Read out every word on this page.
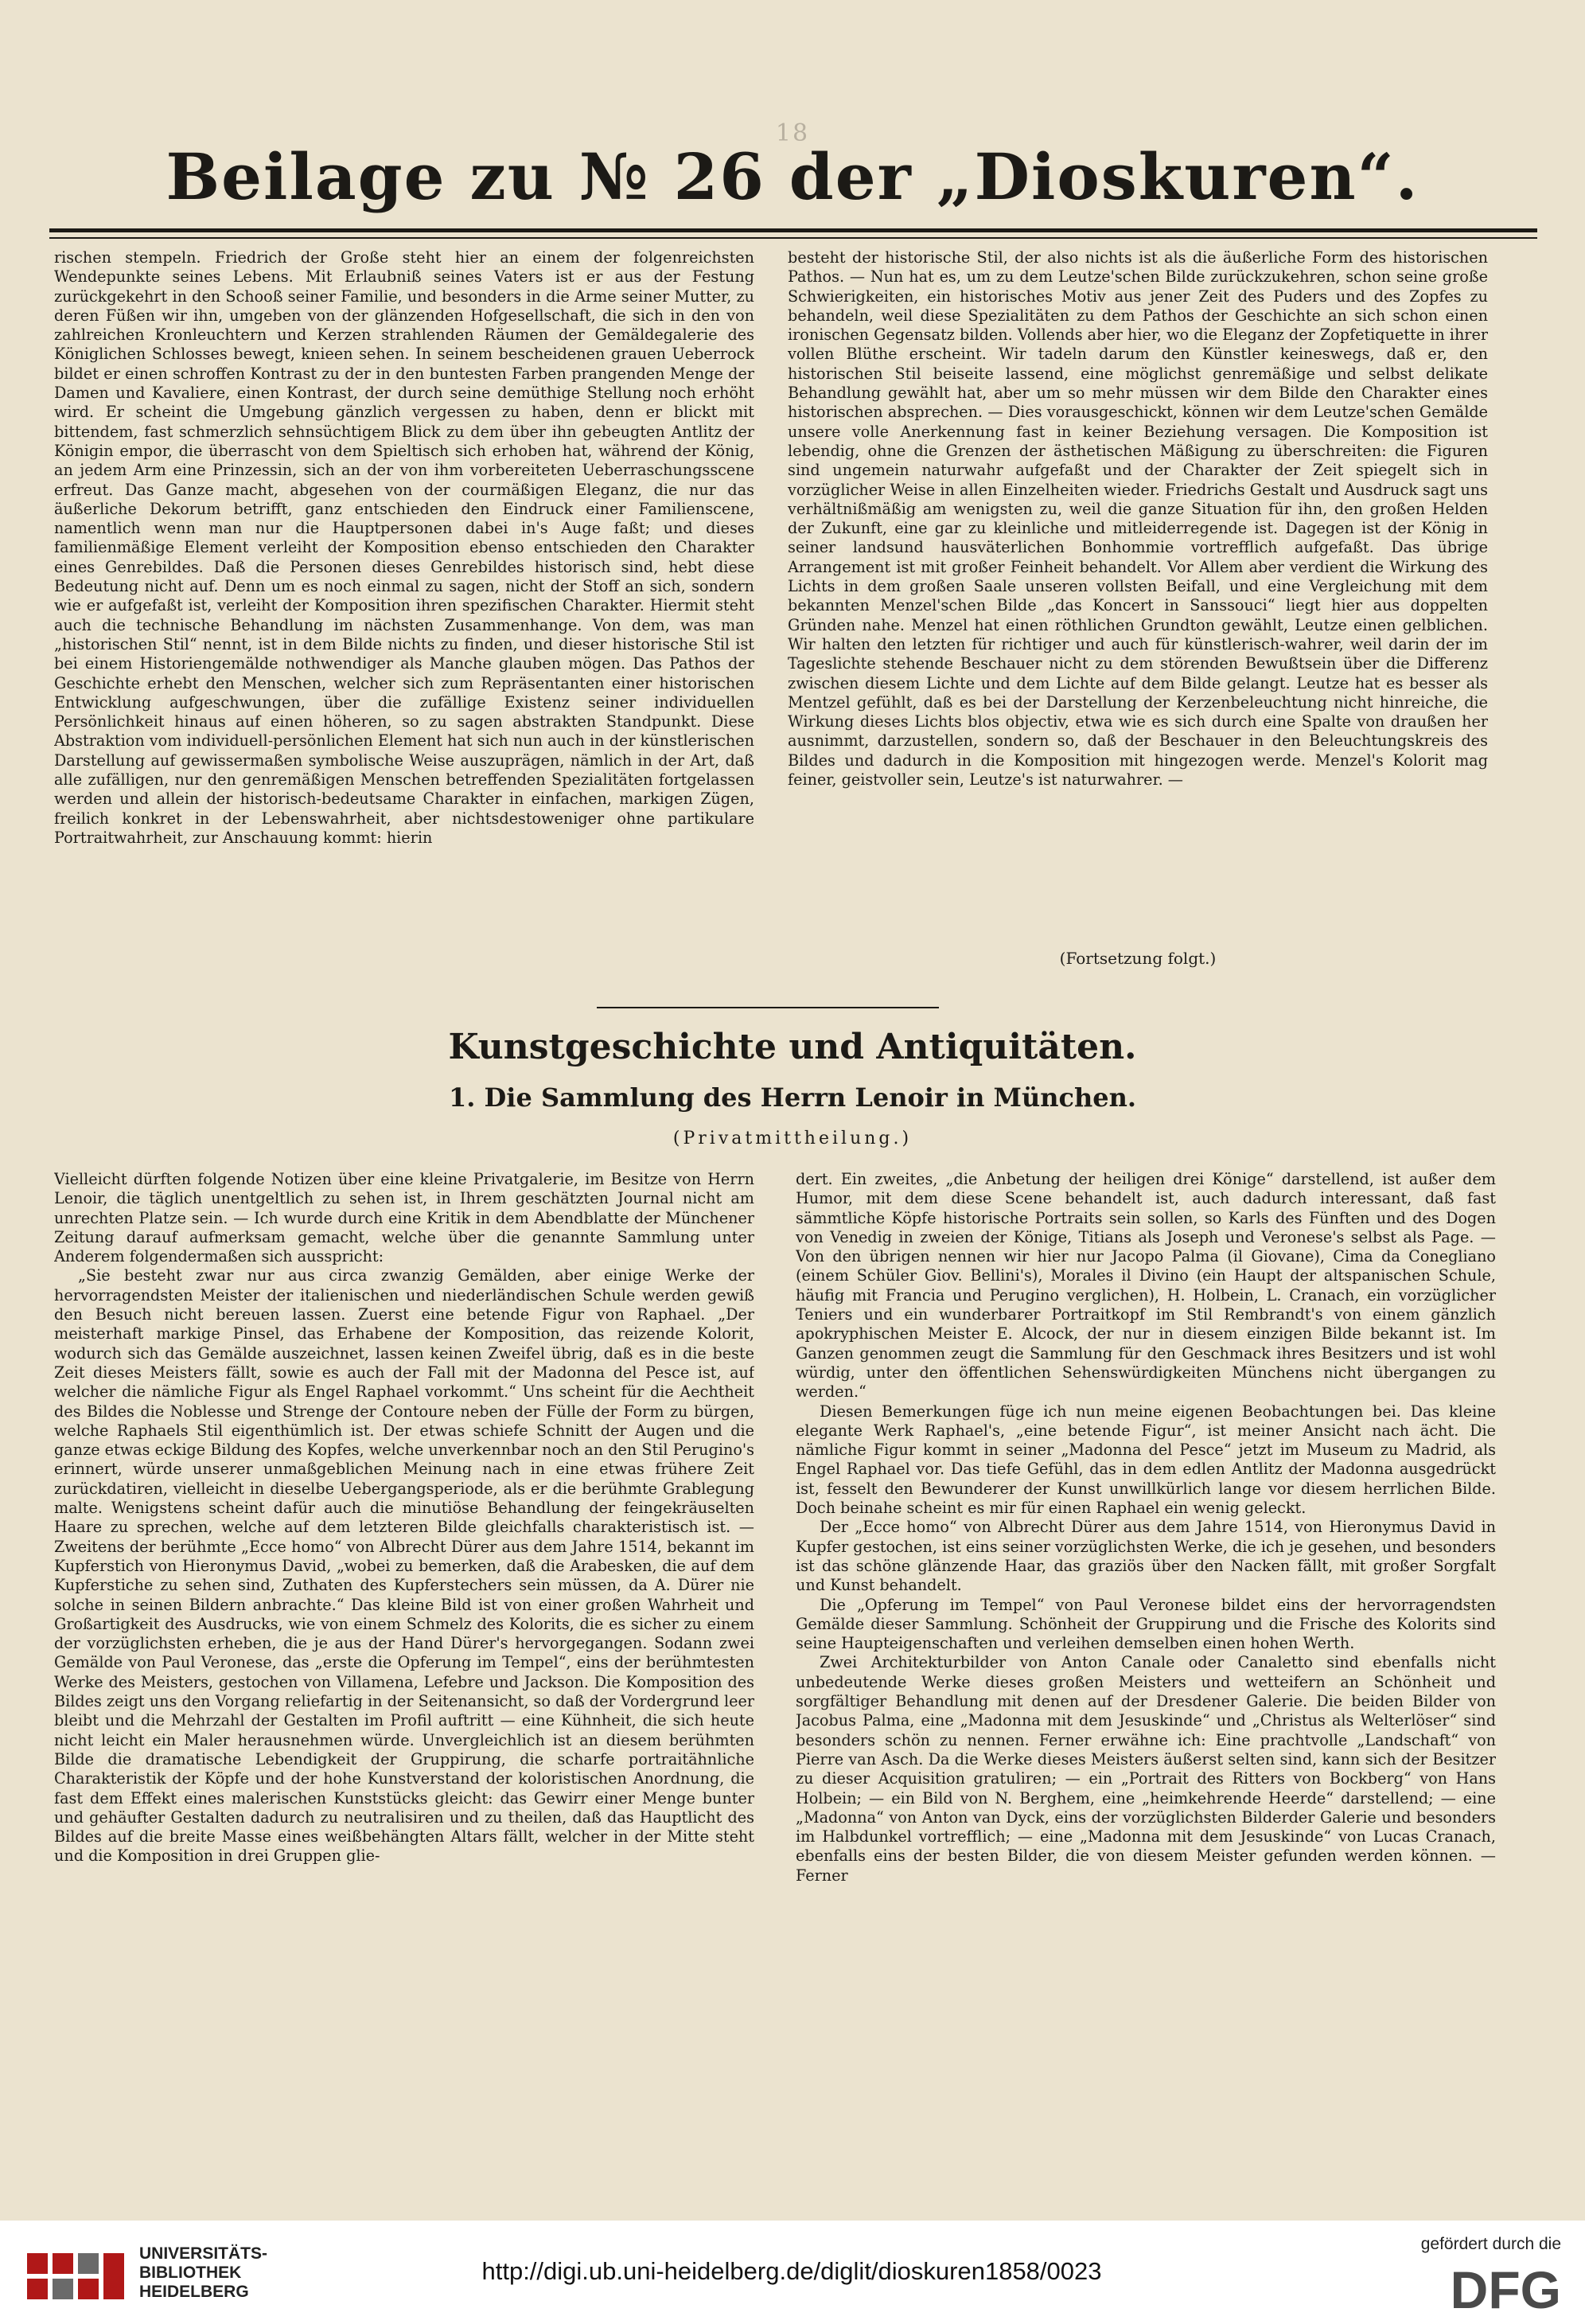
18
Beilage zu № 26 der „Dioskuren“.

rischen stempeln. Friedrich der Große steht hier an einem der folgenreichsten Wendepunkte seines Lebens. Mit Erlaubniß seines Vaters ist er aus der Festung zurückgekehrt in den Schooß seiner Familie, und besonders in die Arme seiner Mutter, zu deren Füßen wir ihn, umgeben von der glänzenden Hofgesellschaft, die sich in den von zahlreichen Kronleuchtern und Kerzen strahlenden Räumen der Gemäldegalerie des Königlichen Schlosses bewegt, knieen sehen. In seinem bescheidenen grauen Ueberrock bildet er einen schroffen Kontrast zu der in den buntesten Farben prangenden Menge der Damen und Kavaliere, einen Kontrast, der durch seine demüthige Stellung noch erhöht wird. Er scheint die Umgebung gänzlich vergessen zu haben, denn er blickt mit bittendem, fast schmerzlich sehnsüchtigem Blick zu dem über ihn gebeugten Antlitz der Königin empor, die überrascht von dem Spieltisch sich erhoben hat, während der König, an jedem Arm eine Prinzessin, sich an der von ihm vorbereiteten Ueberraschungsscene erfreut. Das Ganze macht, abgesehen von der courmäßigen Eleganz, die nur das äußerliche Dekorum betrifft, ganz entschieden den Eindruck einer Familienscene, namentlich wenn man nur die Hauptpersonen dabei in's Auge faßt; und dieses familienmäßige Element verleiht der Komposition ebenso entschieden den Charakter eines Genrebildes. Daß die Personen dieses Genrebildes historisch sind, hebt diese Bedeutung nicht auf. Denn um es noch einmal zu sagen, nicht der Stoff an sich, sondern wie er aufgefaßt ist, verleiht der Komposition ihren spezifischen Charakter. Hiermit steht auch die technische Behandlung im nächsten Zusammenhange. Von dem, was man „historischen Stil“ nennt, ist in dem Bilde nichts zu finden, und dieser historische Stil ist bei einem Historiengemälde nothwendiger als Manche glauben mögen. Das Pathos der Geschichte erhebt den Menschen, welcher sich zum Repräsentanten einer historischen Entwicklung aufgeschwungen, über die zufällige Existenz seiner individuellen Persönlichkeit hinaus auf einen höheren, so zu sagen abstrakten Standpunkt. Diese Abstraktion vom individuell-persönlichen Element hat sich nun auch in der künstlerischen Darstellung auf gewissermaßen symbolische Weise auszuprägen, nämlich in der Art, daß alle zufälligen, nur den genremäßigen Menschen betreffenden Spezialitäten fortgelassen werden und allein der historisch-bedeutsame Charakter in einfachen, markigen Zügen, freilich konkret in der Lebenswahrheit, aber nichtsdestoweniger ohne partikulare Portraitwahrheit, zur Anschauung kommt: hierin

besteht der historische Stil, der also nichts ist als die äußerliche Form des historischen Pathos. — Nun hat es, um zu dem Leutze'schen Bilde zurückzukehren, schon seine große Schwierigkeiten, ein historisches Motiv aus jener Zeit des Puders und des Zopfes zu behandeln, weil diese Spezialitäten zu dem Pathos der Geschichte an sich schon einen ironischen Gegensatz bilden. Vollends aber hier, wo die Eleganz der Zopfetiquette in ihrer vollen Blüthe erscheint. Wir tadeln darum den Künstler keineswegs, daß er, den historischen Stil beiseite lassend, eine möglichst genremäßige und selbst delikate Behandlung gewählt hat, aber um so mehr müssen wir dem Bilde den Charakter eines historischen absprechen. — Dies vorausgeschickt, können wir dem Leutze'schen Gemälde unsere volle Anerkennung fast in keiner Beziehung versagen. Die Komposition ist lebendig, ohne die Grenzen der ästhetischen Mäßigung zu überschreiten: die Figuren sind ungemein naturwahr aufgefaßt und der Charakter der Zeit spiegelt sich in vorzüglicher Weise in allen Einzelheiten wieder. Friedrichs Gestalt und Ausdruck sagt uns verhältnißmäßig am wenigsten zu, weil die ganze Situation für ihn, den großen Helden der Zukunft, eine gar zu kleinliche und mitleiderregende ist. Dagegen ist der König in seiner landsund hausväterlichen Bonhommie vortrefflich aufgefaßt. Das übrige Arrangement ist mit großer Feinheit behandelt. Vor Allem aber verdient die Wirkung des Lichts in dem großen Saale unseren vollsten Beifall, und eine Vergleichung mit dem bekannten Menzel'schen Bilde „das Koncert in Sanssouci“ liegt hier aus doppelten Gründen nahe. Menzel hat einen röthlichen Grundton gewählt, Leutze einen gelblichen. Wir halten den letzten für richtiger und auch für künstlerisch-wahrer, weil darin der im Tageslichte stehende Beschauer nicht zu dem störenden Bewußtsein über die Differenz zwischen diesem Lichte und dem Lichte auf dem Bilde gelangt. Leutze hat es besser als Mentzel gefühlt, daß es bei der Darstellung der Kerzenbeleuchtung nicht hinreiche, die Wirkung dieses Lichts blos objectiv, etwa wie es sich durch eine Spalte von draußen her ausnimmt, darzustellen, sondern so, daß der Beschauer in den Beleuchtungskreis des Bildes und dadurch in die Komposition mit hingezogen werde. Menzel's Kolorit mag feiner, geistvoller sein, Leutze's ist naturwahrer. —

(Fortsetzung folgt.)
Kunstgeschichte und Antiquitäten.
1. Die Sammlung des Herrn Lenoir in München.
(Privatmittheilung.)

Vielleicht dürften folgende Notizen über eine kleine Privatgalerie, im Besitze von Herrn Lenoir, die täglich unentgeltlich zu sehen ist, in Ihrem geschätzten Journal nicht am unrechten Platze sein. — Ich wurde durch eine Kritik in dem Abendblatte der Münchener Zeitung darauf aufmerksam gemacht, welche über die genannte Sammlung unter Anderem folgendermaßen sich ausspricht:

„Sie besteht zwar nur aus circa zwanzig Gemälden, aber einige Werke der hervorragendsten Meister der italienischen und niederländischen Schule werden gewiß den Besuch nicht bereuen lassen. Zuerst eine betende Figur von Raphael. „Der meisterhaft markige Pinsel, das Erhabene der Komposition, das reizende Kolorit, wodurch sich das Gemälde auszeichnet, lassen keinen Zweifel übrig, daß es in die beste Zeit dieses Meisters fällt, sowie es auch der Fall mit der Madonna del Pesce ist, auf welcher die nämliche Figur als Engel Raphael vorkommt.“ Uns scheint für die Aechtheit des Bildes die Noblesse und Strenge der Contoure neben der Fülle der Form zu bürgen, welche Raphaels Stil eigenthümlich ist. Der etwas schiefe Schnitt der Augen und die ganze etwas eckige Bildung des Kopfes, welche unverkennbar noch an den Stil Perugino's erinnert, würde unserer unmaßgeblichen Meinung nach in eine etwas frühere Zeit zurückdatiren, vielleicht in dieselbe Uebergangsperiode, als er die berühmte Grablegung malte. Wenigstens scheint dafür auch die minutiöse Behandlung der feingekräuselten Haare zu sprechen, welche auf dem letzteren Bilde gleichfalls charakteristisch ist. — Zweitens der berühmte „Ecce homo“ von Albrecht Dürer aus dem Jahre 1514, bekannt im Kupferstich von Hieronymus David, „wobei zu bemerken, daß die Arabesken, die auf dem Kupferstiche zu sehen sind, Zuthaten des Kupferstechers sein müssen, da A. Dürer nie solche in seinen Bildern anbrachte.“ Das kleine Bild ist von einer großen Wahrheit und Großartigkeit des Ausdrucks, wie von einem Schmelz des Kolorits, die es sicher zu einem der vorzüglichsten erheben, die je aus der Hand Dürer's hervorgegangen. Sodann zwei Gemälde von Paul Veronese, das „erste die Opferung im Tempel“, eins der berühmtesten Werke des Meisters, gestochen von Villamena, Lefebre und Jackson. Die Komposition des Bildes zeigt uns den Vorgang reliefartig in der Seitenansicht, so daß der Vordergrund leer bleibt und die Mehrzahl der Gestalten im Profil auftritt — eine Kühnheit, die sich heute nicht leicht ein Maler herausnehmen würde. Unvergleichlich ist an diesem berühmten Bilde die dramatische Lebendigkeit der Gruppirung, die scharfe portraitähnliche Charakteristik der Köpfe und der hohe Kunstverstand der koloristischen Anordnung, die fast dem Effekt eines malerischen Kunststücks gleicht: das Gewirr einer Menge bunter und gehäufter Gestalten dadurch zu neutralisiren und zu theilen, daß das Hauptlicht des Bildes auf die breite Masse eines weißbehängten Altars fällt, welcher in der Mitte steht und die Komposition in drei Gruppen glie-

dert. Ein zweites, „die Anbetung der heiligen drei Könige“ darstellend, ist außer dem Humor, mit dem diese Scene behandelt ist, auch dadurch interessant, daß fast sämmtliche Köpfe historische Portraits sein sollen, so Karls des Fünften und des Dogen von Venedig in zweien der Könige, Titians als Joseph und Veronese's selbst als Page. — Von den übrigen nennen wir hier nur Jacopo Palma (il Giovane), Cima da Conegliano (einem Schüler Giov. Bellini's), Morales il Divino (ein Haupt der altspanischen Schule, häufig mit Francia und Perugino verglichen), H. Holbein, L. Cranach, ein vorzüglicher Teniers und ein wunderbarer Portraitkopf im Stil Rembrandt's von einem gänzlich apokryphischen Meister E. Alcock, der nur in diesem einzigen Bilde bekannt ist. Im Ganzen genommen zeugt die Sammlung für den Geschmack ihres Besitzers und ist wohl würdig, unter den öffentlichen Sehenswürdigkeiten Münchens nicht übergangen zu werden.“

Diesen Bemerkungen füge ich nun meine eigenen Beobachtungen bei. Das kleine elegante Werk Raphael's, „eine betende Figur“, ist meiner Ansicht nach ächt. Die nämliche Figur kommt in seiner „Madonna del Pesce“ jetzt im Museum zu Madrid, als Engel Raphael vor. Das tiefe Gefühl, das in dem edlen Antlitz der Madonna ausgedrückt ist, fesselt den Bewunderer der Kunst unwillkürlich lange vor diesem herrlichen Bilde. Doch beinahe scheint es mir für einen Raphael ein wenig geleckt.

Der „Ecce homo“ von Albrecht Dürer aus dem Jahre 1514, von Hieronymus David in Kupfer gestochen, ist eins seiner vorzüglichsten Werke, die ich je gesehen, und besonders ist das schöne glänzende Haar, das graziös über den Nacken fällt, mit großer Sorgfalt und Kunst behandelt.

Die „Opferung im Tempel“ von Paul Veronese bildet eins der hervorragendsten Gemälde dieser Sammlung. Schönheit der Gruppirung und die Frische des Kolorits sind seine Haupteigenschaften und verleihen demselben einen hohen Werth.

Zwei Architekturbilder von Anton Canale oder Canaletto sind ebenfalls nicht unbedeutende Werke dieses großen Meisters und wetteifern an Schönheit und sorgfältiger Behandlung mit denen auf der Dresdener Galerie. Die beiden Bilder von Jacobus Palma, eine „Madonna mit dem Jesuskinde“ und „Christus als Welterlöser“ sind besonders schön zu nennen. Ferner erwähne ich: Eine prachtvolle „Landschaft“ von Pierre van Asch. Da die Werke dieses Meisters äußerst selten sind, kann sich der Besitzer zu dieser Acquisition gratuliren; — ein „Portrait des Ritters von Bockberg“ von Hans Holbein; — ein Bild von N. Berghem, eine „heimkehrende Heerde“ darstellend; — eine „Madonna“ von Anton van Dyck, eins der vorzüglichsten Bilderder Galerie und besonders im Halbdunkel vortrefflich; — eine „Madonna mit dem Jesuskinde“ von Lucas Cranach, ebenfalls eins der besten Bilder, die von diesem Meister gefunden werden können. — Ferner

UNIVERSITÄTS-
BIBLIOTHEK
HEIDELBERG
http://digi.ub.uni-heidelberg.de/diglit/dioskuren1858/0023
gefördert durch die
DFG
